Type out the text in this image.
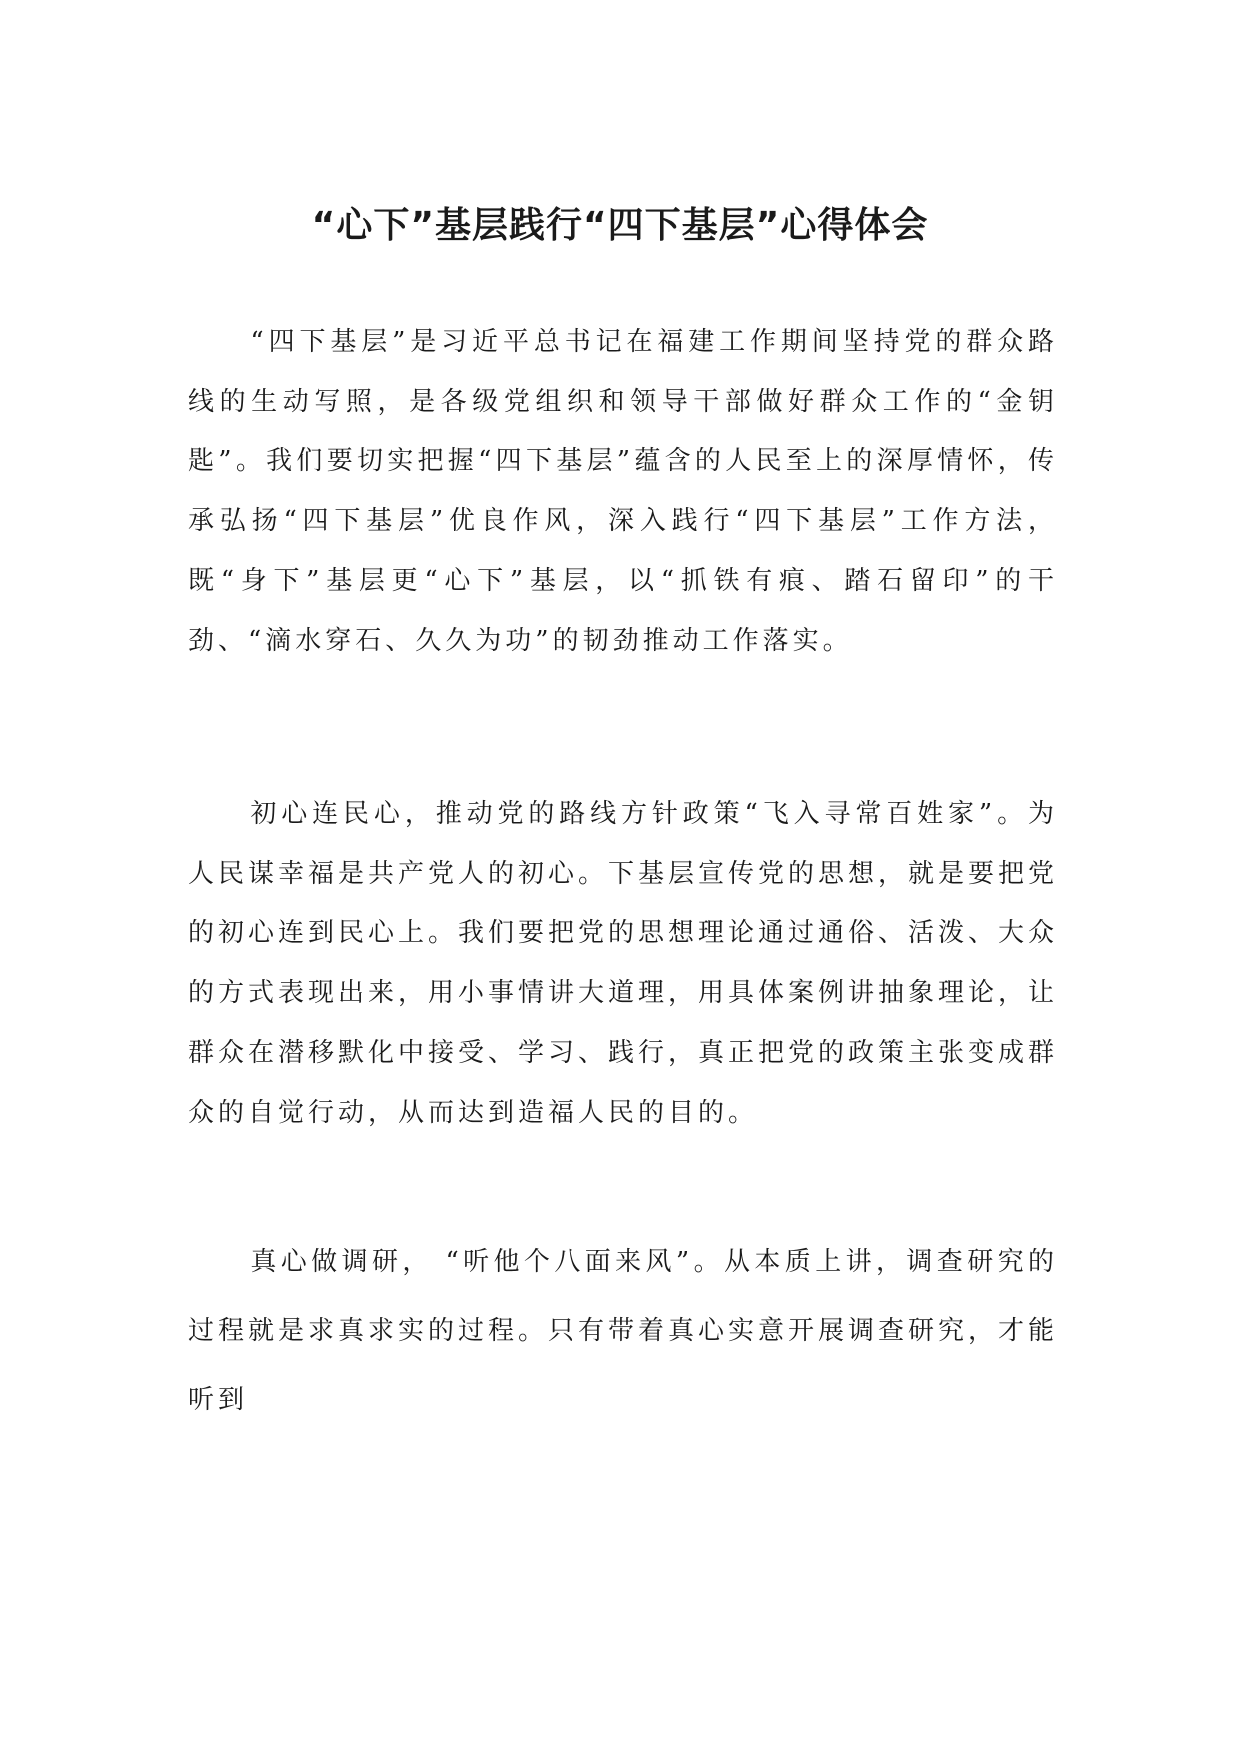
“心下”基层践行“四下基层”心得体会

“四下基层”是习近平总书记在福建工作期间坚持党的群众路线的生动写照，是各级党组织和领导干部做好群众工作的“金钥匙”。我们要切实把握“四下基层”蕴含的人民至上的深厚情怀，传承弘扬“四下基层”优良作风，深入践行“四下基层”工作方法，既“身下”基层更“心下”基层，以“抓铁有痕、踏石留印”的干劲、“滴水穿石、久久为功”的韧劲推动工作落实。

初心连民心，推动党的路线方针政策“飞入寻常百姓家”。为人民谋幸福是共产党人的初心。下基层宣传党的思想，就是要把党的初心连到民心上。我们要把党的思想理论通过通俗、活泼、大众的方式表现出来，用小事情讲大道理，用具体案例讲抽象理论，让群众在潜移默化中接受、学习、践行，真正把党的政策主张变成群众的自觉行动，从而达到造福人民的目的。

真心做调研， “听他个八面来风”。从本质上讲，调查研究的过程就是求真求实的过程。只有带着真心实意开展调查研究，才能听到
